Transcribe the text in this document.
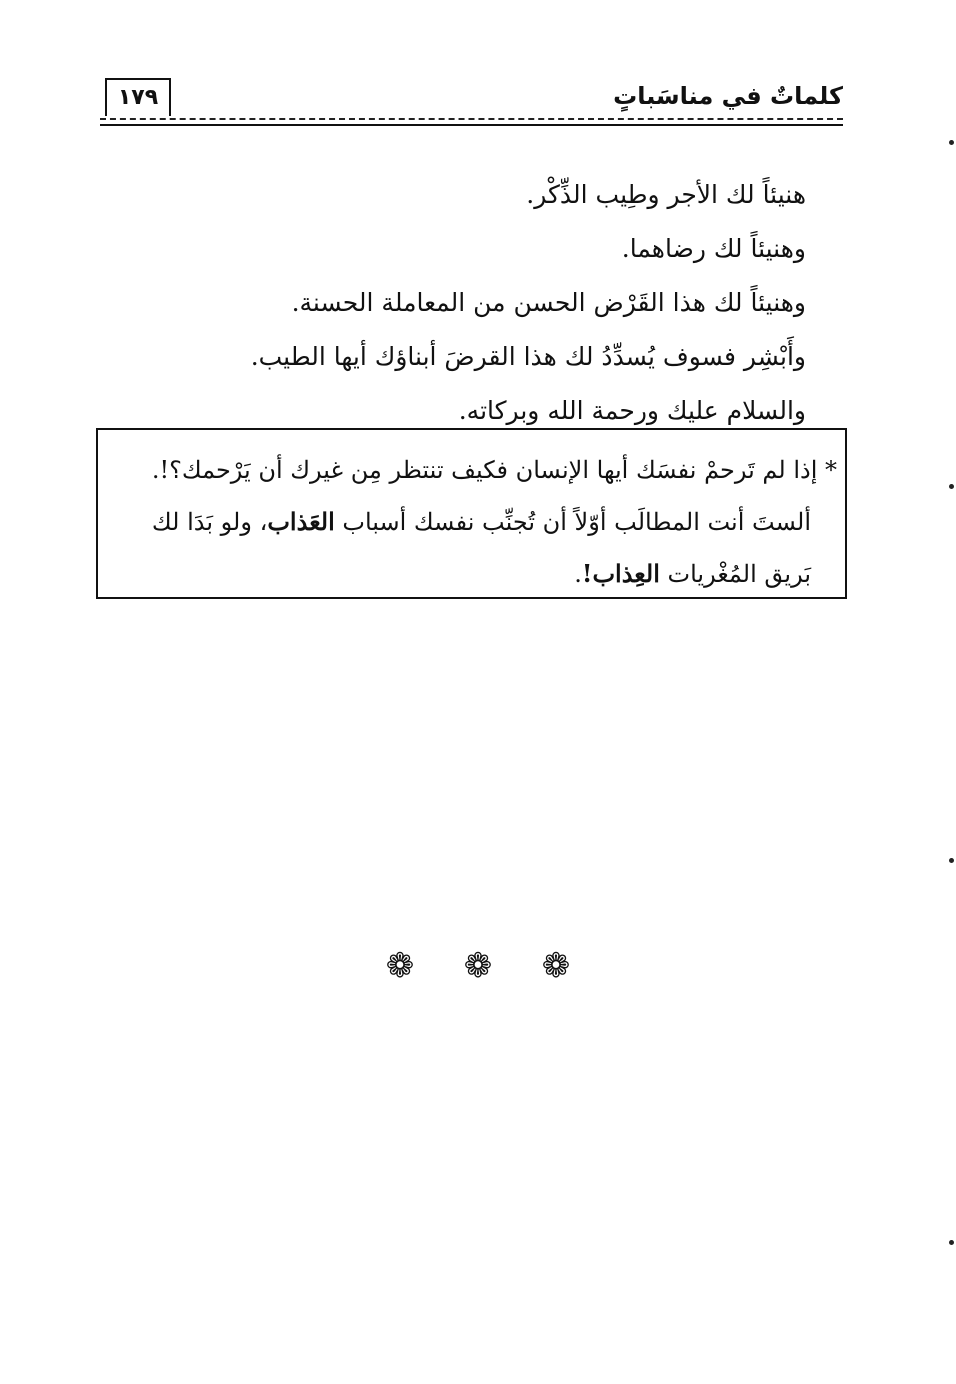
١٧٩	كلماتٌ في مناسَباتٍ
هنيئاً لك الأجر وطِيب الذِّكْر.
وهنيئاً لك رضاهما.
وهنيئاً لك هذا القَرْض الحسن من المعاملة الحسنة.
وأَبْشِر فسوف يُسدِّدُ لك هذا القرضَ أبناؤك أيها الطيب.
والسلام عليك ورحمة الله وبركاته.
* إذا لم تَرحمْ نفسَك أيها الإنسان فكيف تنتظر مِن غيرك أن يَرْحمك؟!.
ألستَ أنت المطالَب أوّلاً أن تُجنِّب نفسك أسباب العَذاب، ولو بَدَا لك
بَريق المُغْريات العِذاب!.
❁ ❁ ❁
